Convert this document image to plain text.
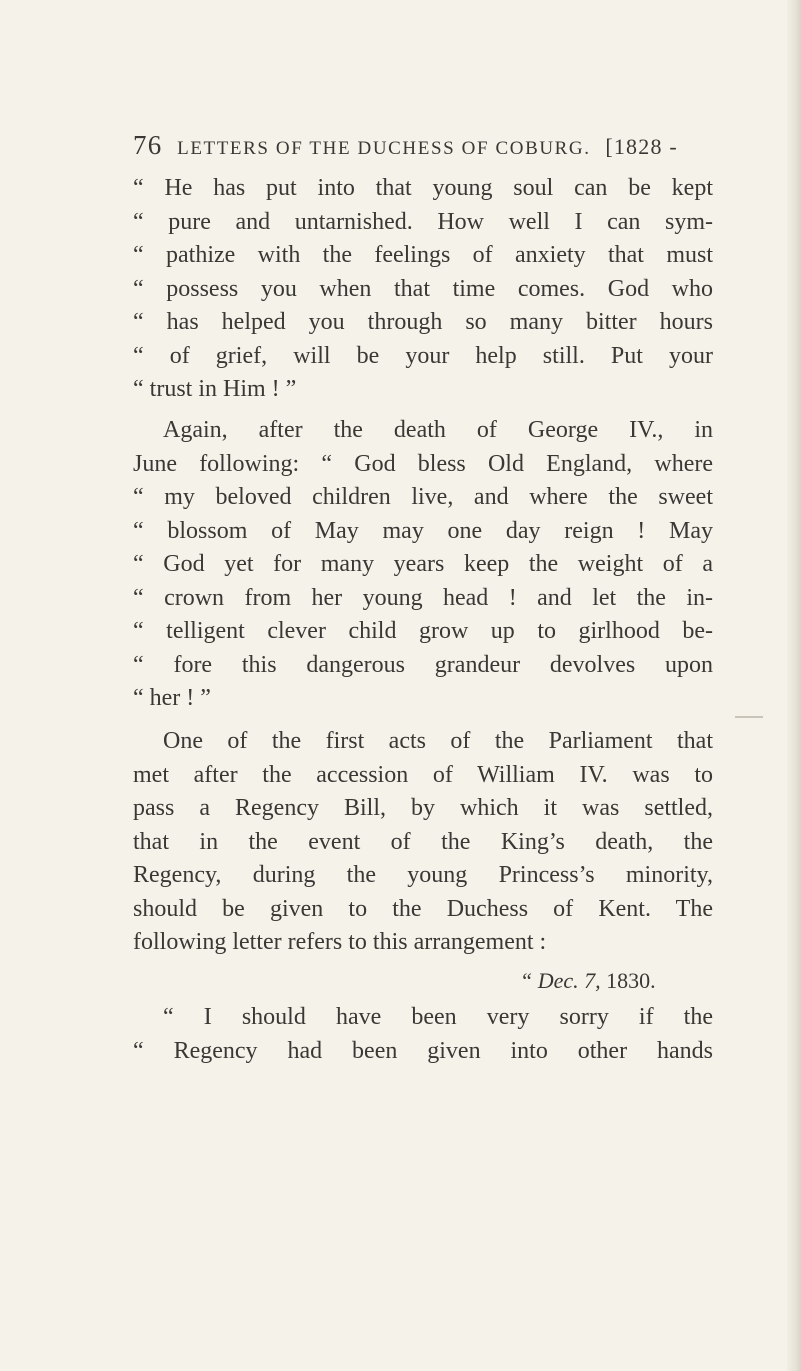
76 LETTERS OF THE DUCHESS OF COBURG. [1828 -
“ He has put into that young soul can be kept
“ pure and untarnished. How well I can sym-
“ pathize with the feelings of anxiety that must
“ possess you when that time comes. God who
“ has helped you through so many bitter hours
“ of grief, will be your help still. Put your
“ trust in Him ! ”
Again, after the death of George IV., in
June following: “ God bless Old England, where
“ my beloved children live, and where the sweet
“ blossom of May may one day reign ! May
“ God yet for many years keep the weight of a
“ crown from her young head ! and let the in-
“ telligent clever child grow up to girlhood be-
“ fore this dangerous grandeur devolves upon
“ her ! ”
One of the first acts of the Parliament that
met after the accession of William IV. was to
pass a Regency Bill, by which it was settled,
that in the event of the King’s death, the
Regency, during the young Princess’s minority,
should be given to the Duchess of Kent. The
following letter refers to this arrangement :
“ Dec. 7, 1830.
“ I should have been very sorry if the
“ Regency had been given into other hands
